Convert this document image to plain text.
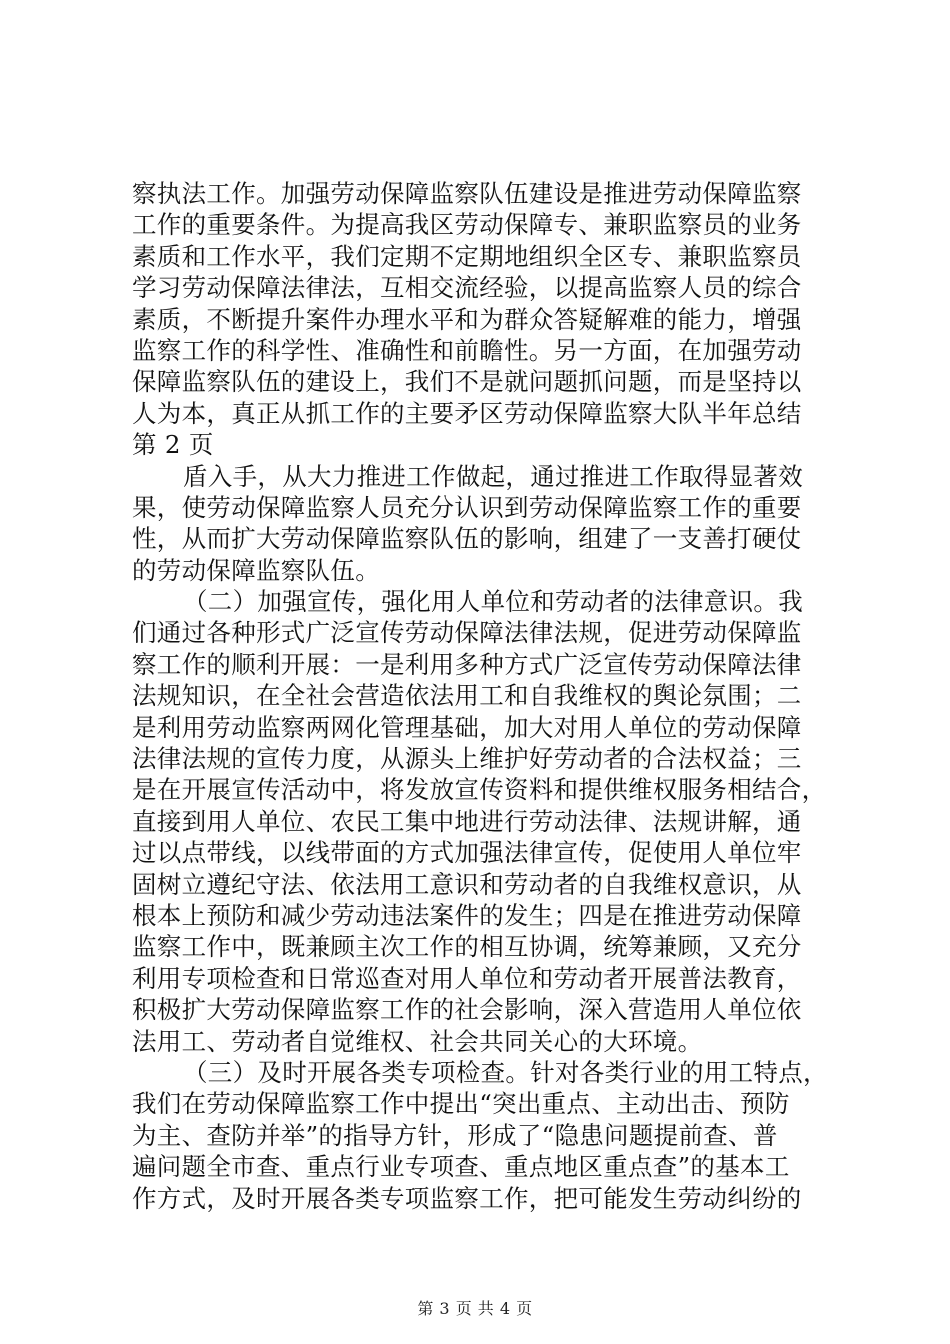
察执法工作。加强劳动保障监察队伍建设是推进劳动保障监察
工作的重要条件。为提高我区劳动保障专、兼职监察员的业务
素质和工作水平，我们定期不定期地组织全区专、兼职监察员
学习劳动保障法律法，互相交流经验，以提高监察人员的综合
素质，不断提升案件办理水平和为群众答疑解难的能力，增强
监察工作的科学性、准确性和前瞻性。另一方面，在加强劳动
保障监察队伍的建设上，我们不是就问题抓问题，而是坚持以
人为本，真正从抓工作的主要矛区劳动保障监察大队半年总结
第 2 页
盾入手，从大力推进工作做起，通过推进工作取得显著效
果，使劳动保障监察人员充分认识到劳动保障监察工作的重要
性，从而扩大劳动保障监察队伍的影响，组建了一支善打硬仗
的劳动保障监察队伍。
（二）加强宣传，强化用人单位和劳动者的法律意识。我
们通过各种形式广泛宣传劳动保障法律法规，促进劳动保障监
察工作的顺利开展：一是利用多种方式广泛宣传劳动保障法律
法规知识，在全社会营造依法用工和自我维权的舆论氛围；二
是利用劳动监察两网化管理基础，加大对用人单位的劳动保障
法律法规的宣传力度，从源头上维护好劳动者的合法权益；三
是在开展宣传活动中，将发放宣传资料和提供维权服务相结合，
直接到用人单位、农民工集中地进行劳动法律、法规讲解，通
过以点带线，以线带面的方式加强法律宣传，促使用人单位牢
固树立遵纪守法、依法用工意识和劳动者的自我维权意识，从
根本上预防和减少劳动违法案件的发生；四是在推进劳动保障
监察工作中，既兼顾主次工作的相互协调，统筹兼顾，又充分
利用专项检查和日常巡查对用人单位和劳动者开展普法教育，
积极扩大劳动保障监察工作的社会影响，深入营造用人单位依
法用工、劳动者自觉维权、社会共同关心的大环境。
（三）及时开展各类专项检查。针对各类行业的用工特点，
我们在劳动保障监察工作中提出“突出重点、主动出击、预防
为主、查防并举”的指导方针，形成了“隐患问题提前查、普
遍问题全市查、重点行业专项查、重点地区重点查”的基本工
作方式，及时开展各类专项监察工作，把可能发生劳动纠纷的
第 3 页 共 4 页
